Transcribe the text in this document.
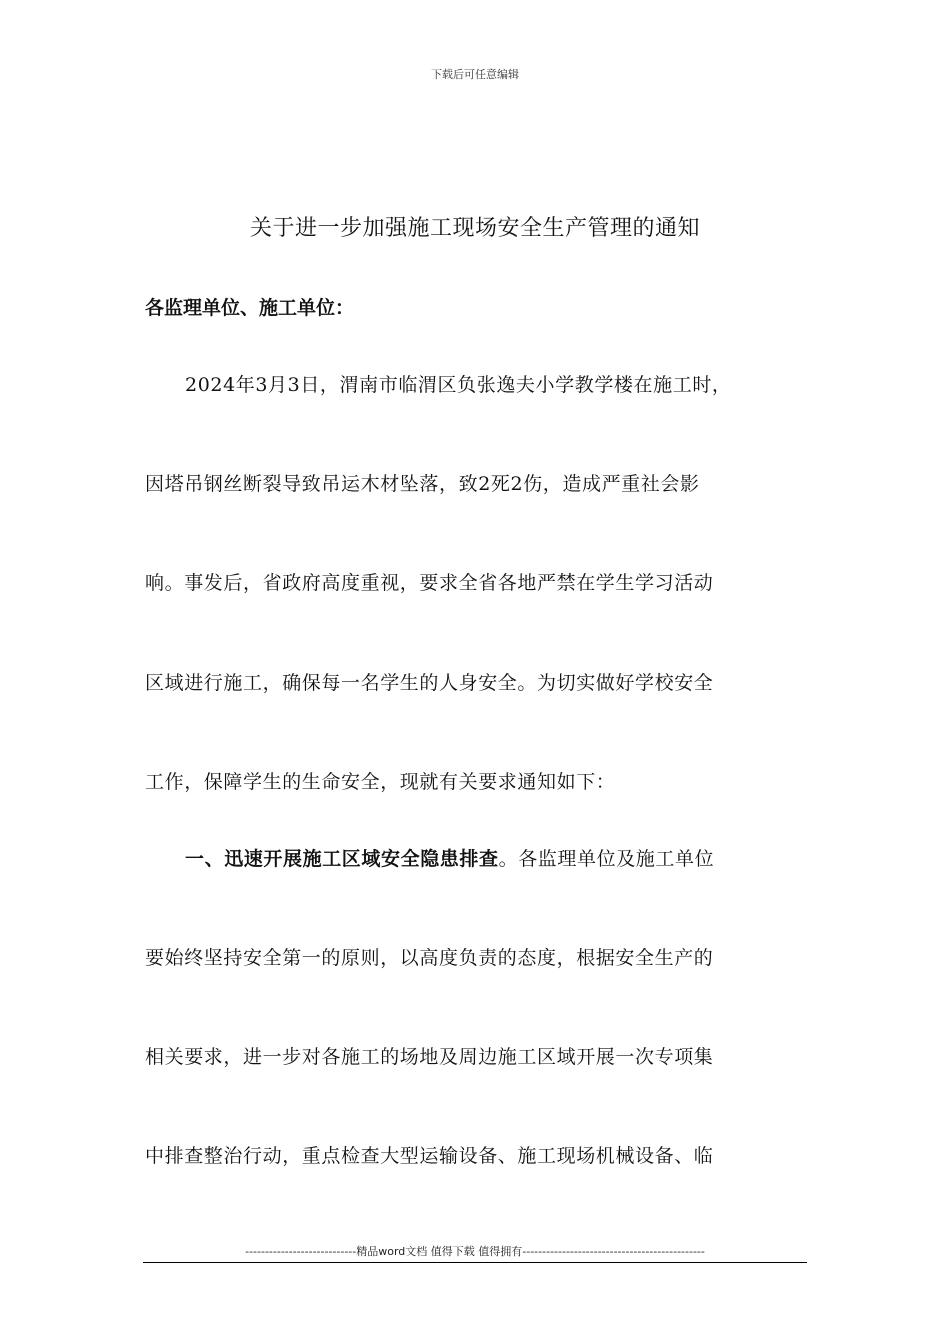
下载后可任意编辑
关于进一步加强施工现场安全生产管理的通知
各监理单位、施工单位：
2024年3月3日，渭南市临渭区负张逸夫小学教学楼在施工时，
因塔吊钢丝断裂导致吊运木材坠落，致2死2伤，造成严重社会影
响。事发后，省政府高度重视，要求全省各地严禁在学生学习活动
区域进行施工，确保每一名学生的人身安全。为切实做好学校安全
工作，保障学生的生命安全，现就有关要求通知如下：
一、迅速开展施工区域安全隐患排查。各监理单位及施工单位
要始终坚持安全第一的原则，以高度负责的态度，根据安全生产的
相关要求，进一步对各施工的场地及周边施工区域开展一次专项集
中排查整治行动，重点检查大型运输设备、施工现场机械设备、临
----------------------------精品word文档 值得下载 值得拥有----------------------------------------------
